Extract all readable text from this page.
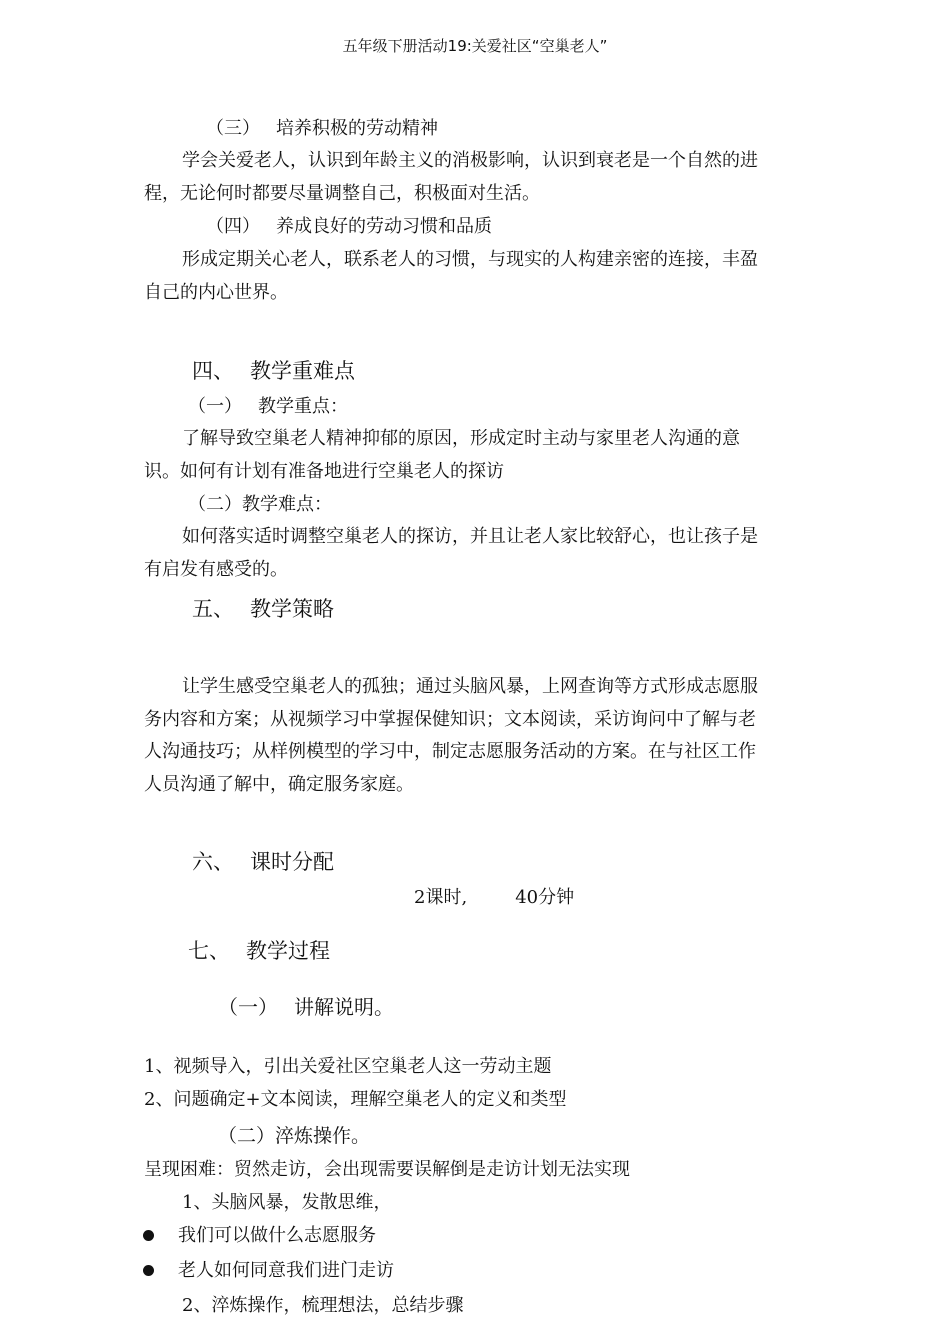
五年级下册活动19:关爱社区“空巢老人”
（三） 培养积极的劳动精神
学会关爱老人，认识到年龄主义的消极影响，认识到衰老是一个自然的进
程，无论何时都要尽量调整自己，积极面对生活。
（四） 养成良好的劳动习惯和品质
形成定期关心老人，联系老人的习惯，与现实的人构建亲密的连接，丰盈
自己的内心世界。
四、 教学重难点
（一） 教学重点：
了解导致空巢老人精神抑郁的原因，形成定时主动与家里老人沟通的意
识。如何有计划有准备地进行空巢老人的探访
（二）教学难点：
如何落实适时调整空巢老人的探访，并且让老人家比较舒心，也让孩子是
有启发有感受的。
五、 教学策略
让学生感受空巢老人的孤独；通过头脑风暴，上网查询等方式形成志愿服
务内容和方案；从视频学习中掌握保健知识；文本阅读，采访询问中了解与老
人沟通技巧；从样例模型的学习中，制定志愿服务活动的方案。在与社区工作
人员沟通了解中，确定服务家庭。
六、 课时分配
2课时,	40分钟
七、 教学过程
（一） 讲解说明。
1、视频导入，引出关爱社区空巢老人这一劳动主题
2、问题确定+文本阅读，理解空巢老人的定义和类型
（二）淬炼操作。
呈现困难：贸然走访，会出现需要误解倒是走访计划无法实现
1、头脑风暴，发散思维，
我们可以做什么志愿服务
老人如何同意我们进门走访
2、淬炼操作，梳理想法，总结步骤
